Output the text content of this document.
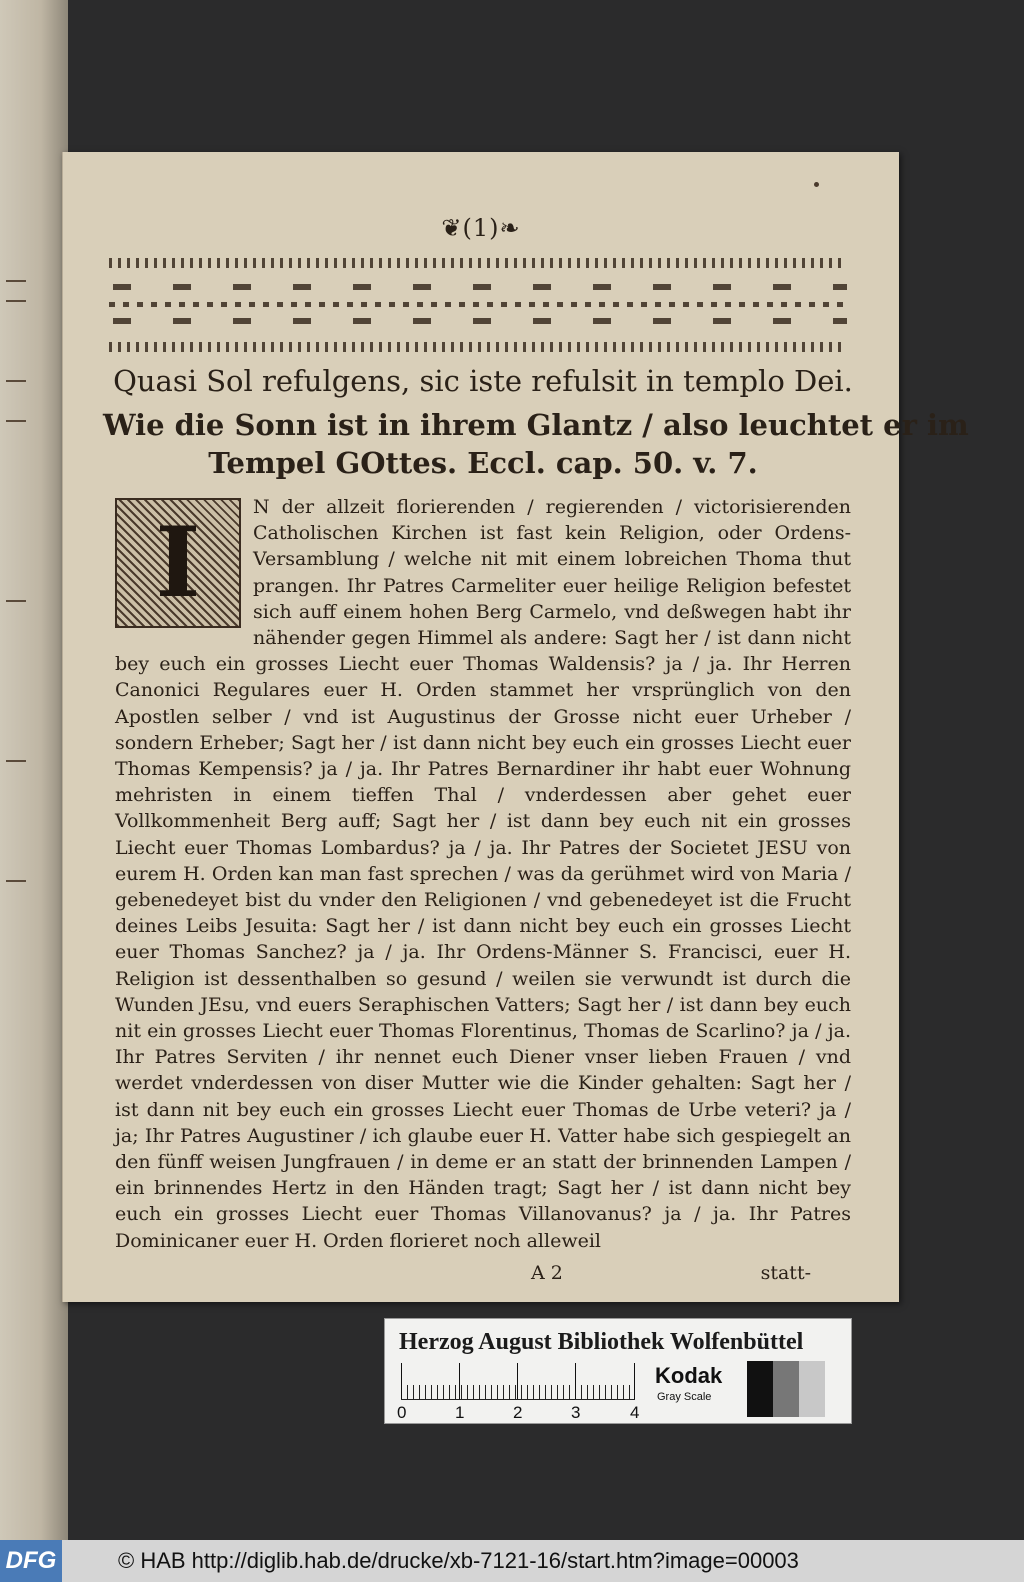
❦(1)❧
Quasi Sol refulgens, sic iste refulsit in templo Dei.
Wie die Sonn ist in ihrem Glantz / also leuchtet er im
Tempel GOttes. Eccl. cap. 50. v. 7.
I	N der allzeit florierenden / regierenden / victorisierenden Catholischen Kirchen ist fast kein Religion, oder Ordens-Versamblung / welche nit mit einem lobreichen Thoma thut prangen. Ihr Patres Carmeliter euer heilige Religion befestet sich auff einem hohen Berg Carmelo, vnd deßwegen habt ihr nähender gegen Himmel als andere: Sagt her / ist dann nicht bey euch ein grosses Liecht euer Thomas Waldensis? ja / ja. Ihr Herren Canonici Regulares euer H. Orden stammet her vrsprünglich von den Apostlen selber / vnd ist Augustinus der Grosse nicht euer Urheber / sondern Erheber; Sagt her / ist dann nicht bey euch ein grosses Liecht euer Thomas Kempensis? ja / ja. Ihr Patres Bernardiner ihr habt euer Wohnung mehristen in einem tieffen Thal / vnderdessen aber gehet euer Vollkommenheit Berg auff; Sagt her / ist dann bey euch nit ein grosses Liecht euer Thomas Lombardus? ja / ja. Ihr Patres der Societet JESU von eurem H. Orden kan man fast sprechen / was da gerühmet wird von Maria / gebenedeyet bist du vnder den Religionen / vnd gebenedeyet ist die Frucht deines Leibs Jesuita: Sagt her / ist dann nicht bey euch ein grosses Liecht euer Thomas Sanchez? ja / ja. Ihr Ordens-Männer S. Francisci, euer H. Religion ist dessenthalben so gesund / weilen sie verwundt ist durch die Wunden JEsu, vnd euers Seraphischen Vatters; Sagt her / ist dann bey euch nit ein grosses Liecht euer Thomas Florentinus, Thomas de Scarlino? ja / ja. Ihr Patres Serviten / ihr nennet euch Diener vnser lieben Frauen / vnd werdet vnderdessen von diser Mutter wie die Kinder gehalten: Sagt her / ist dann nit bey euch ein grosses Liecht euer Thomas de Urbe veteri? ja / ja; Ihr Patres Augustiner / ich glaube euer H. Vatter habe sich gespiegelt an den fünff weisen Jungfrauen / in deme er an statt der brinnenden Lampen / ein brinnendes Hertz in den Händen tragt; Sagt her / ist dann nicht bey euch ein grosses Liecht euer Thomas Villanovanus? ja / ja. Ihr Patres Dominicaner euer H. Orden florieret noch alleweil
A 2	statt-
Herzog August Bibliothek Wolfenbüttel
0	1	2	3	4
Kodak
Gray Scale
DFG	© HAB http://diglib.hab.de/drucke/xb-7121-16/start.htm?image=00003
